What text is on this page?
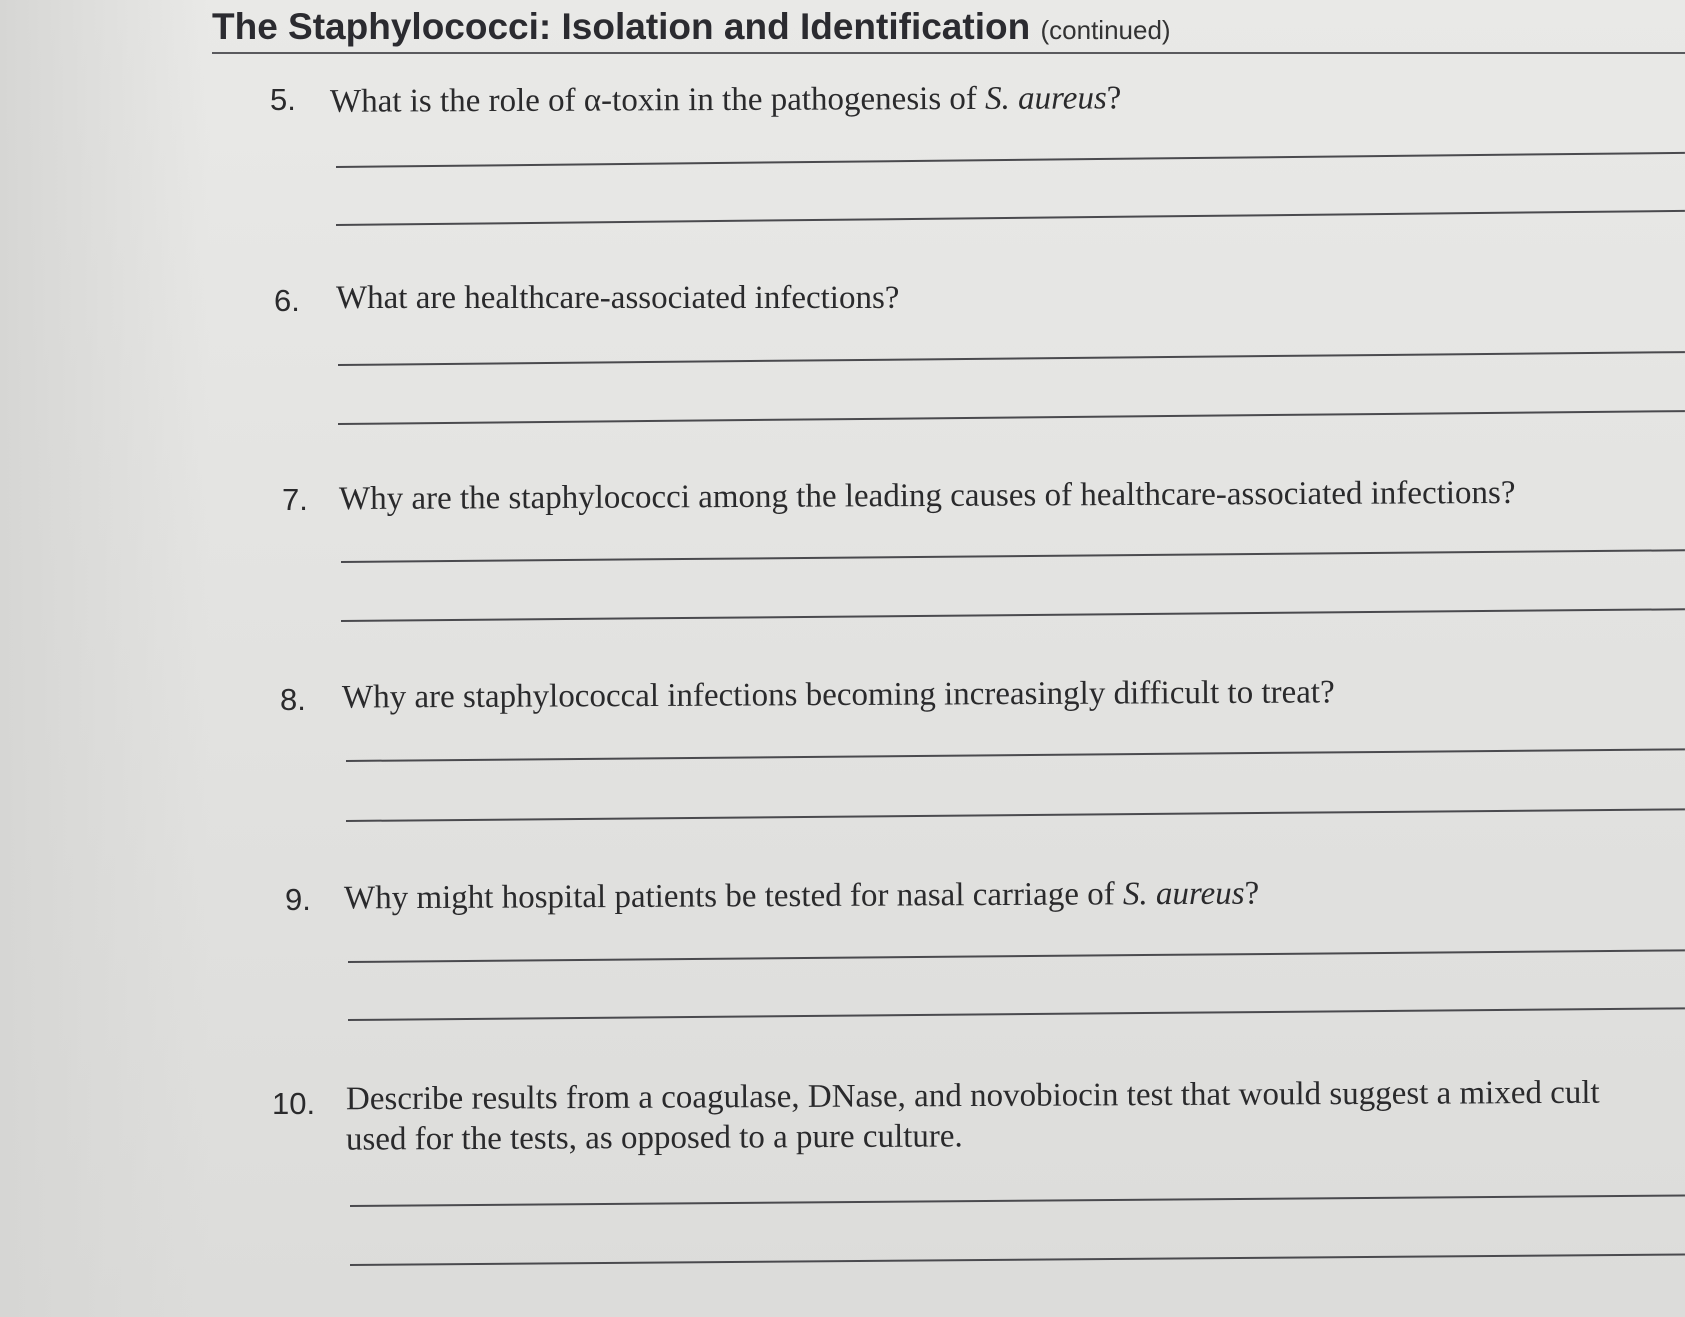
The Staphylococci: Isolation and Identification (continued)
5. What is the role of α-toxin in the pathogenesis of S. aureus?
6. What are healthcare-associated infections?
7. Why are the staphylococci among the leading causes of healthcare-associated infections?
8. Why are staphylococcal infections becoming increasingly difficult to treat?
9. Why might hospital patients be tested for nasal carriage of S. aureus?
10. Describe results from a coagulase, DNase, and novobiocin test that would suggest a mixed cult
used for the tests, as opposed to a pure culture.
